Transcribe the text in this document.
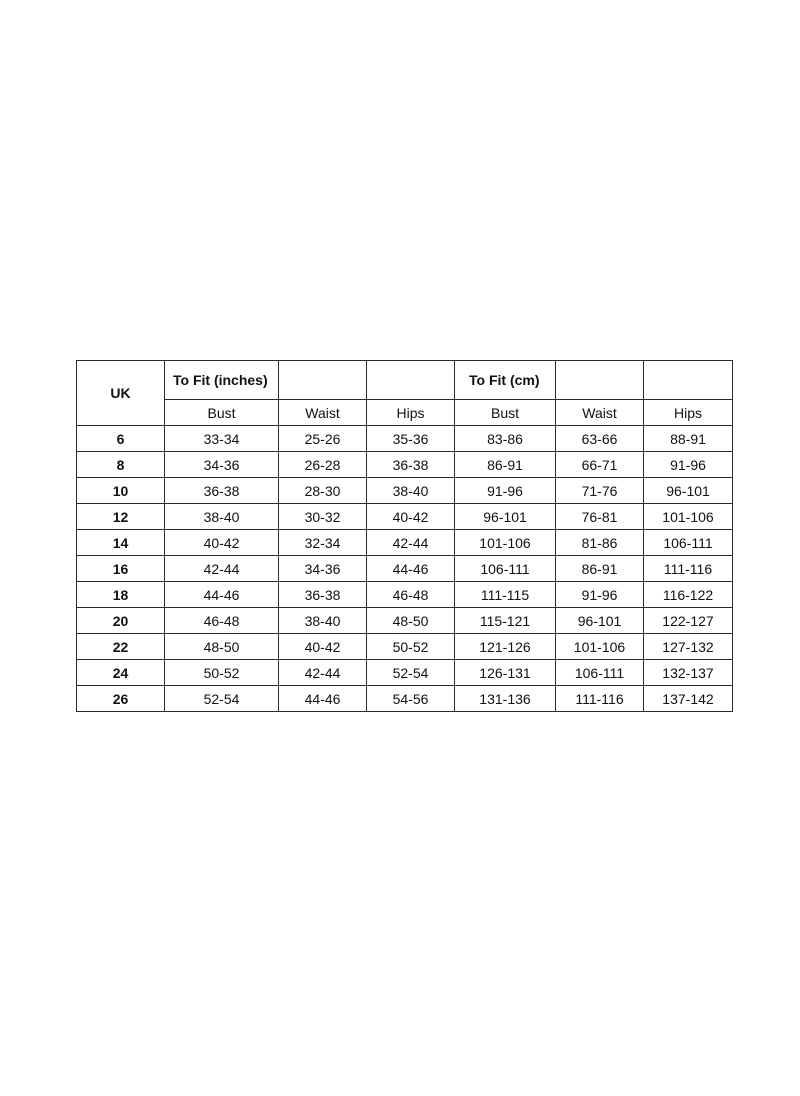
UK	To Fit (inches)			To Fit (cm)		
	Bust	Waist	Hips	Bust	Waist	Hips
6	33-34	25-26	35-36	83-86	63-66	88-91
8	34-36	26-28	36-38	86-91	66-71	91-96
10	36-38	28-30	38-40	91-96	71-76	96-101
12	38-40	30-32	40-42	96-101	76-81	101-106
14	40-42	32-34	42-44	101-106	81-86	106-111
16	42-44	34-36	44-46	106-111	86-91	111-116
18	44-46	36-38	46-48	111-115	91-96	116-122
20	46-48	38-40	48-50	115-121	96-101	122-127
22	48-50	40-42	50-52	121-126	101-106	127-132
24	50-52	42-44	52-54	126-131	106-111	132-137
26	52-54	44-46	54-56	131-136	111-116	137-142
